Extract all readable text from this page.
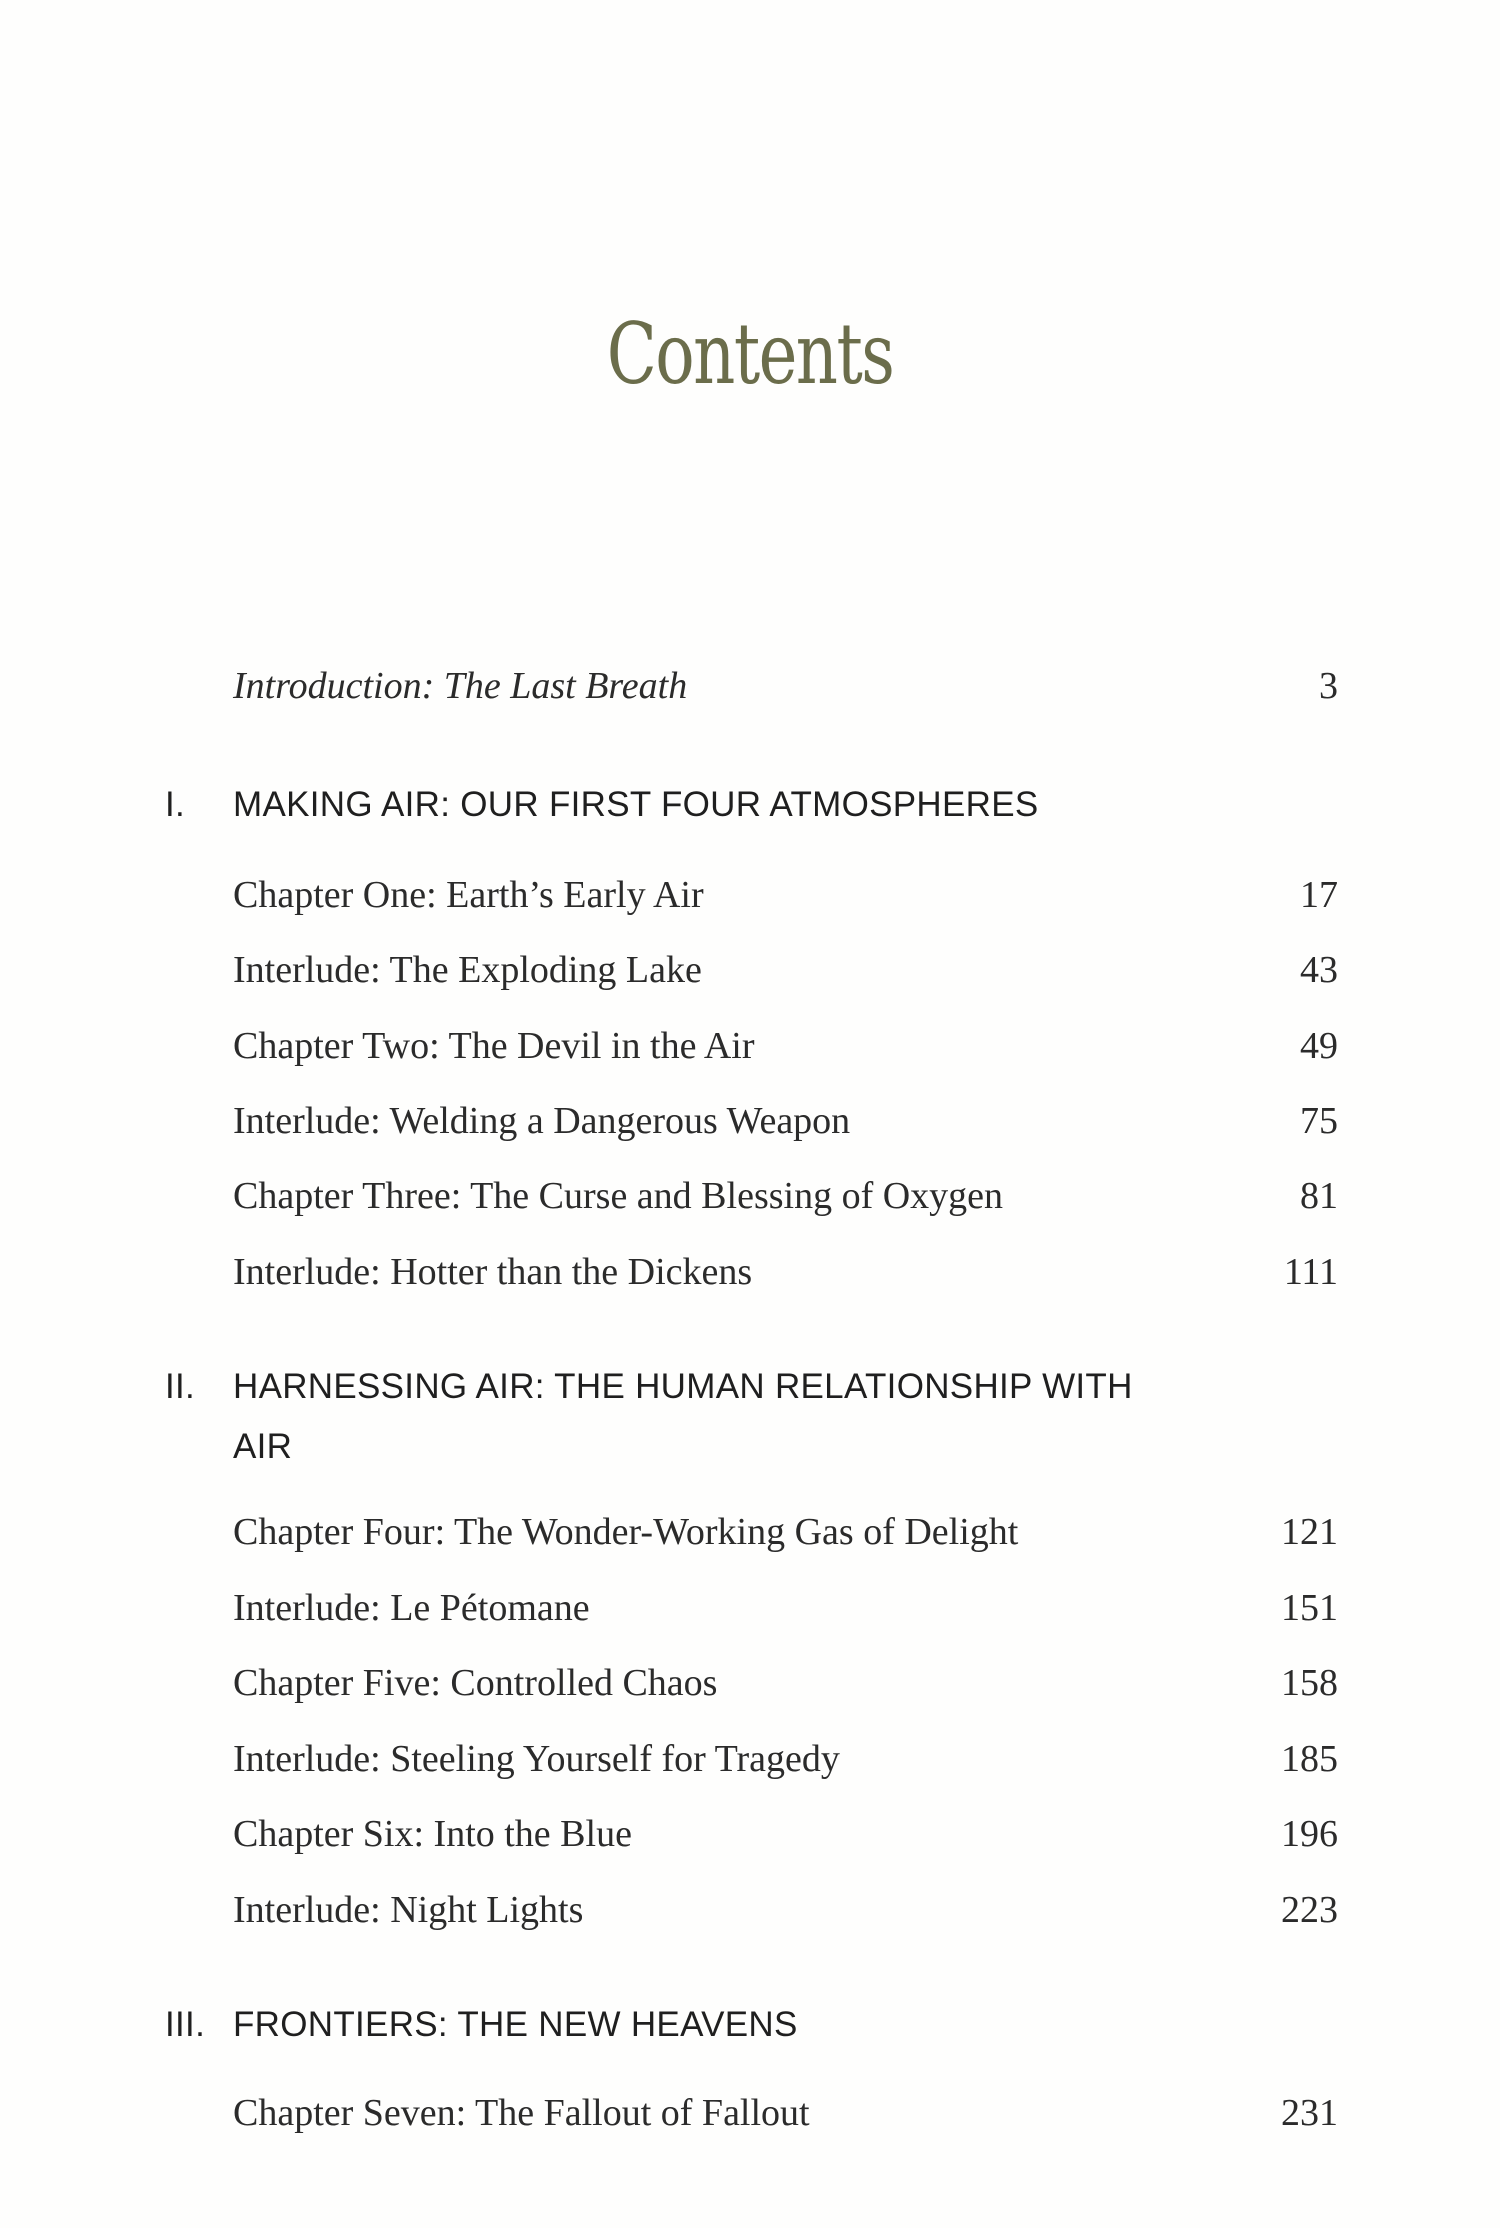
Contents
Introduction: The Last Breath	3
I. MAKING AIR: OUR FIRST FOUR ATMOSPHERES
Chapter One: Earth’s Early Air	17
Interlude: The Exploding Lake	43
Chapter Two: The Devil in the Air	49
Interlude: Welding a Dangerous Weapon	75
Chapter Three: The Curse and Blessing of Oxygen	81
Interlude: Hotter than the Dickens	111
II. HARNESSING AIR: THE HUMAN RELATIONSHIP WITH AIR
Chapter Four: The Wonder-Working Gas of Delight	121
Interlude: Le Pétomane	151
Chapter Five: Controlled Chaos	158
Interlude: Steeling Yourself for Tragedy	185
Chapter Six: Into the Blue	196
Interlude: Night Lights	223
III. FRONTIERS: THE NEW HEAVENS
Chapter Seven: The Fallout of Fallout	231
